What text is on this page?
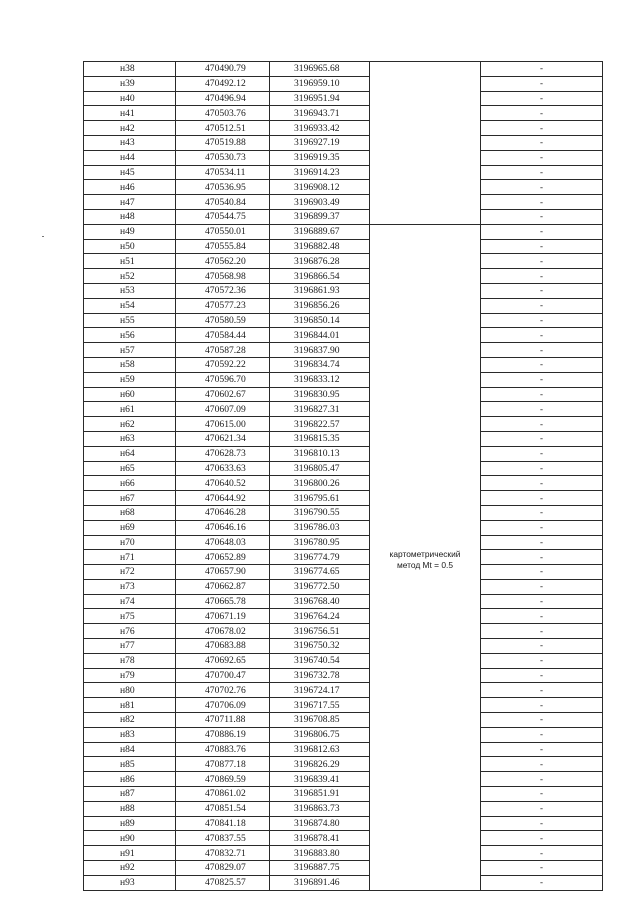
н38	470490.79	3196965.68		-
н39	470492.12	3196959.10		-
н40	470496.94	3196951.94		-
н41	470503.76	3196943.71		-
н42	470512.51	3196933.42		-
н43	470519.88	3196927.19		-
н44	470530.73	3196919.35		-
н45	470534.11	3196914.23		-
н46	470536.95	3196908.12		-
н47	470540.84	3196903.49		-
н48	470544.75	3196899.37		-
н49	470550.01	3196889.67	картометрический
метод Mt = 0.5	-
н50	470555.84	3196882.48		-
н51	470562.20	3196876.28		-
н52	470568.98	3196866.54		-
н53	470572.36	3196861.93		-
н54	470577.23	3196856.26		-
н55	470580.59	3196850.14		-
н56	470584.44	3196844.01		-
н57	470587.28	3196837.90		-
н58	470592.22	3196834.74		-
н59	470596.70	3196833.12		-
н60	470602.67	3196830.95		-
н61	470607.09	3196827.31		-
н62	470615.00	3196822.57		-
н63	470621.34	3196815.35		-
н64	470628.73	3196810.13		-
н65	470633.63	3196805.47		-
н66	470640.52	3196800.26		-
н67	470644.92	3196795.61		-
н68	470646.28	3196790.55		-
н69	470646.16	3196786.03		-
н70	470648.03	3196780.95		-
н71	470652.89	3196774.79		-
н72	470657.90	3196774.65		-
н73	470662.87	3196772.50		-
н74	470665.78	3196768.40		-
н75	470671.19	3196764.24		-
н76	470678.02	3196756.51		-
н77	470683.88	3196750.32		-
н78	470692.65	3196740.54		-
н79	470700.47	3196732.78		-
н80	470702.76	3196724.17		-
н81	470706.09	3196717.55		-
н82	470711.88	3196708.85		-
н83	470886.19	3196806.75		-
н84	470883.76	3196812.63		-
н85	470877.18	3196826.29		-
н86	470869.59	3196839.41		-
н87	470861.02	3196851.91		-
н88	470851.54	3196863.73		-
н89	470841.18	3196874.80		-
н90	470837.55	3196878.41		-
н91	470832.71	3196883.80		-
н92	470829.07	3196887.75		-
н93	470825.57	3196891.46		-
